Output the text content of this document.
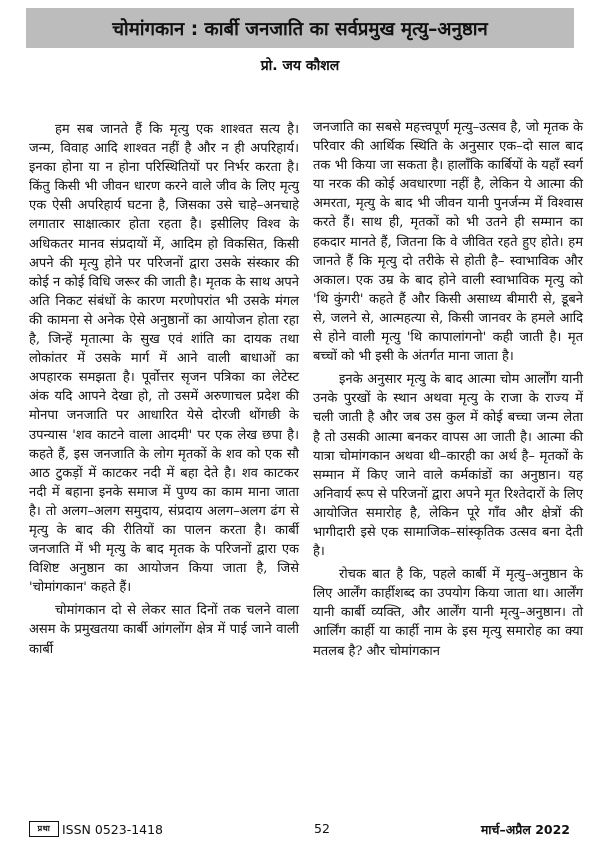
चोमांगकान : कार्बी जनजाति का सर्वप्रमुख मृत्यु–अनुष्ठान
प्रो. जय कौशल

हम सब जानते हैं कि मृत्यु एक शाश्वत सत्य है। जन्म, विवाह आदि शाश्वत नहीं है और न ही अपरिहार्य। इनका होना या न होना परिस्थितियों पर निर्भर करता है। किंतु किसी भी जीवन धारण करने वाले जीव के लिए मृत्यु एक ऐसी अपरिहार्य घटना है, जिसका उसे चाहे–अनचाहे लगातार साक्षात्कार होता रहता है। इसीलिए विश्व के अधिकतर मानव संप्रदायों में, आदिम हो विकसित, किसी अपने की मृत्यु होने पर परिजनों द्वारा उसके संस्कार की कोई न कोई विधि जरूर की जाती है। मृतक के साथ अपने अति निकट संबंधों के कारण मरणोपरांत भी उसके मंगल की कामना से अनेक ऐसे अनुष्ठानों का आयोजन होता रहा है, जिन्हें मृतात्मा के सुख एवं शांति का दायक तथा लोकांतर में उसके मार्ग में आने वाली बाधाओं का अपहारक समझता है। पूर्वोत्तर सृजन पत्रिका का लेटेस्ट अंक यदि आपने देखा हो, तो उसमें अरुणाचल प्रदेश की मोनपा जनजाति पर आधारित येसे दोरजी थोंगछी के उपन्यास 'शव काटने वाला आदमी' पर एक लेख छपा है। कहते हैं, इस जनजाति के लोग मृतकों के शव को एक सौ आठ टुकड़ों में काटकर नदी में बहा देते है। शव काटकर नदी में बहाना इनके समाज में पुण्य का काम माना जाता है। तो अलग–अलग समुदाय, संप्रदाय अलग–अलग ढंग से मृत्यु के बाद की रीतियों का पालन करता है। कार्बी जनजाति में भी मृत्यु के बाद मृतक के परिजनों द्वारा एक विशिष्ट अनुष्ठान का आयोजन किया जाता है, जिसे 'चोमांगकान' कहते हैं।

चोमांगकान दो से लेकर सात दिनों तक चलने वाला असम के प्रमुखतया कार्बी आंगलोंग क्षेत्र में पाई जाने वाली कार्बी

जनजाति का सबसे महत्त्वपूर्ण मृत्यु–उत्सव है, जो मृतक के परिवार की आर्थिक स्थिति के अनुसार एक–दो साल बाद तक भी किया जा सकता है। हालाँकि कार्बियों के यहाँ स्वर्ग या नरक की कोई अवधारणा नहीं है, लेकिन ये आत्मा की अमरता, मृत्यु के बाद भी जीवन यानी पुनर्जन्म में विश्वास करते हैं। साथ ही, मृतकों को भी उतने ही सम्मान का हकदार मानते हैं, जितना कि वे जीवित रहते हुए होते। हम जानते हैं कि मृत्यु दो तरीके से होती है– स्वाभाविक और अकाल। एक उम्र के बाद होने वाली स्वाभाविक मृत्यु को 'थि कुंगरी' कहते हैं और किसी असाध्य बीमारी से, डूबने से, जलने से, आत्महत्या से, किसी जानवर के हमले आदि से होने वाली मृत्यु 'थि कापालांगनो' कही जाती है। मृत बच्चों को भी इसी के अंतर्गत माना जाता है।

इनके अनुसार मृत्यु के बाद आत्मा चोम आर्लोंग यानी उनके पुरखों के स्थान अथवा मृत्यु के राजा के राज्य में चली जाती है और जब उस कुल में कोई बच्चा जन्म लेता है तो उसकी आत्मा बनकर वापस आ जाती है। आत्मा की यात्रा चोमांगकान अथवा थी–कारही का अर्थ है– मृतकों के सम्मान में किए जाने वाले कर्मकांडों का अनुष्ठान। यह अनिवार्य रूप से परिजनों द्वारा अपने मृत रिश्तेदारों के लिए आयोजित समारोह है, लेकिन पूरे गाँव और क्षेत्रों की भागीदारी इसे एक सामाजिक–सांस्कृतिक उत्सव बना देती है।

रोचक बात है कि, पहले कार्बी में मृत्यु–अनुष्ठान के लिए आर्लेंग कार्हीशब्द का उपयोग किया जाता था। आर्लेंग यानी कार्बी व्यक्ति, और आर्लेंग यानी मृत्यु–अनुष्ठान। तो आर्लिंग कार्ही या कार्ही नाम के इस मृत्यु समारोह का क्या मतलब है? और चोमांगकान

प्रथा ISSN 0523-1418	52	मार्च–अप्रैल 2022
